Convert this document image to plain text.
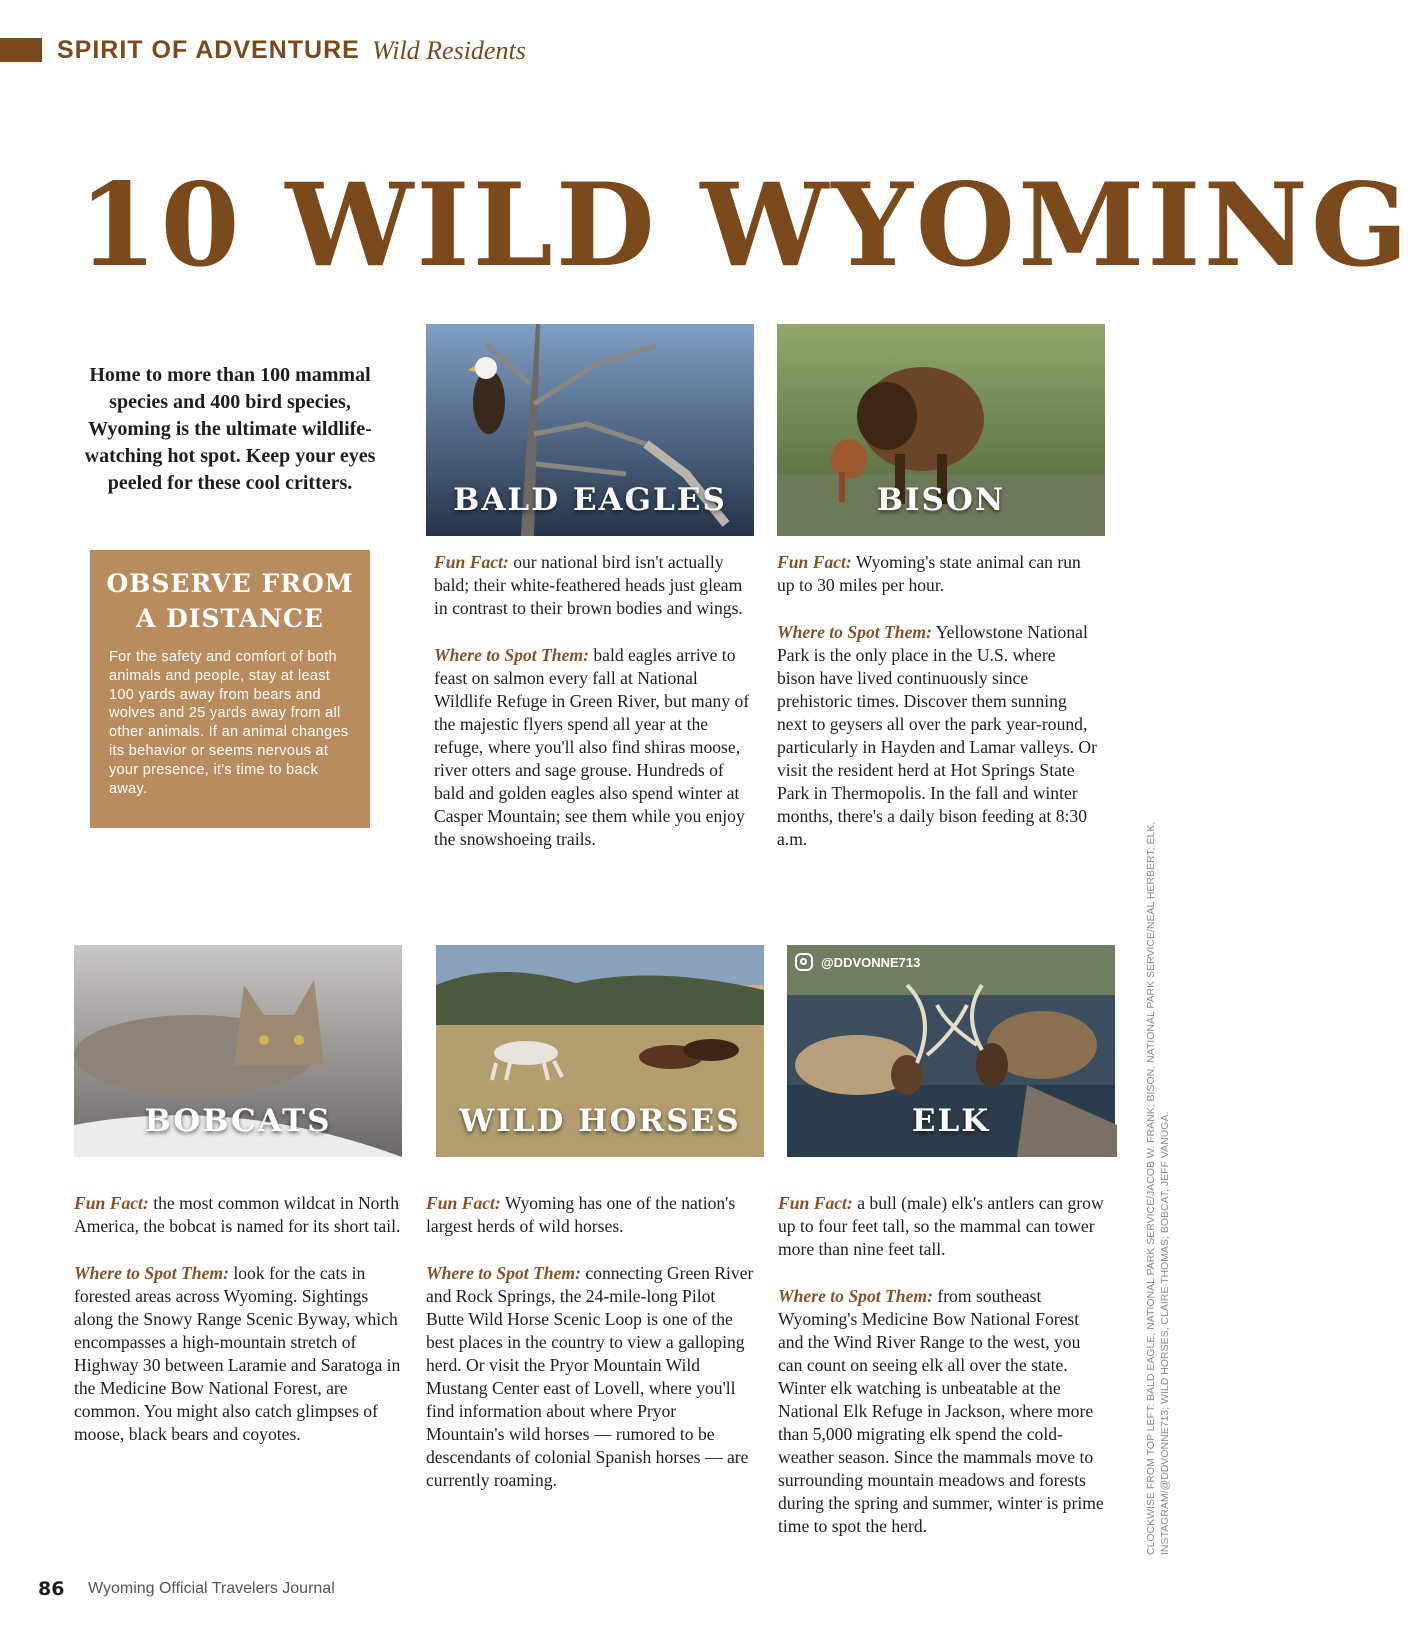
SPIRIT OF ADVENTURE Wild Residents
10 WILD WYOMING
Home to more than 100 mammal species and 400 bird species, Wyoming is the ultimate wildlife-watching hot spot. Keep your eyes peeled for these cool critters.
OBSERVE FROM A DISTANCE

For the safety and comfort of both animals and people, stay at least 100 yards away from bears and wolves and 25 yards away from all other animals. If an animal changes its behavior or seems nervous at your presence, it's time to back away.

BALD EAGLES	BISON

Fun Fact: our national bird isn't actually bald; their white-feathered heads just gleam in contrast to their brown bodies and wings.

Where to Spot Them: bald eagles arrive to feast on salmon every fall at National Wildlife Refuge in Green River, but many of the majestic flyers spend all year at the refuge, where you'll also find shiras moose, river otters and sage grouse. Hundreds of bald and golden eagles also spend winter at Casper Mountain; see them while you enjoy the snowshoeing trails.

Fun Fact: Wyoming's state animal can run up to 30 miles per hour.

Where to Spot Them: Yellowstone National Park is the only place in the U.S. where bison have lived continuously since prehistoric times. Discover them sunning next to geysers all over the park year-round, particularly in Hayden and Lamar valleys. Or visit the resident herd at Hot Springs State Park in Thermopolis. In the fall and winter months, there's a daily bison feeding at 8:30 a.m.

BOBCATS	WILD HORSES
@DDVONNE713
ELK

Fun Fact: the most common wildcat in North America, the bobcat is named for its short tail.

Where to Spot Them: look for the cats in forested areas across Wyoming. Sightings along the Snowy Range Scenic Byway, which encompasses a high-mountain stretch of Highway 30 between Laramie and Saratoga in the Medicine Bow National Forest, are common. You might also catch glimpses of moose, black bears and coyotes.

Fun Fact: Wyoming has one of the nation's largest herds of wild horses.

Where to Spot Them: connecting Green River and Rock Springs, the 24-mile-long Pilot Butte Wild Horse Scenic Loop is one of the best places in the country to view a galloping herd. Or visit the Pryor Mountain Wild Mustang Center east of Lovell, where you'll find information about where Pryor Mountain's wild horses — rumored to be descendants of colonial Spanish horses — are currently roaming.

Fun Fact: a bull (male) elk's antlers can grow up to four feet tall, so the mammal can tower more than nine feet tall.

Where to Spot Them: from southeast Wyoming's Medicine Bow National Forest and the Wind River Range to the west, you can count on seeing elk all over the state. Winter elk watching is unbeatable at the National Elk Refuge in Jackson, where more than 5,000 migrating elk spend the cold-weather season. Since the mammals move to surrounding mountain meadows and forests during the spring and summer, winter is prime time to spot the herd.	CLOCKWISE FROM TOP LEFT: BALD EAGLE, NATIONAL PARK SERVICE/JACOB W. FRANK; BISON, NATIONAL PARK SERVICE/NEAL HERBERT; ELK, INSTAGRAM/@DDVONNE713; WILD HORSES, CLAIRE THOMAS; BOBCAT, JEFF VANUGA.
86 Wyoming Official Travelers Journal
